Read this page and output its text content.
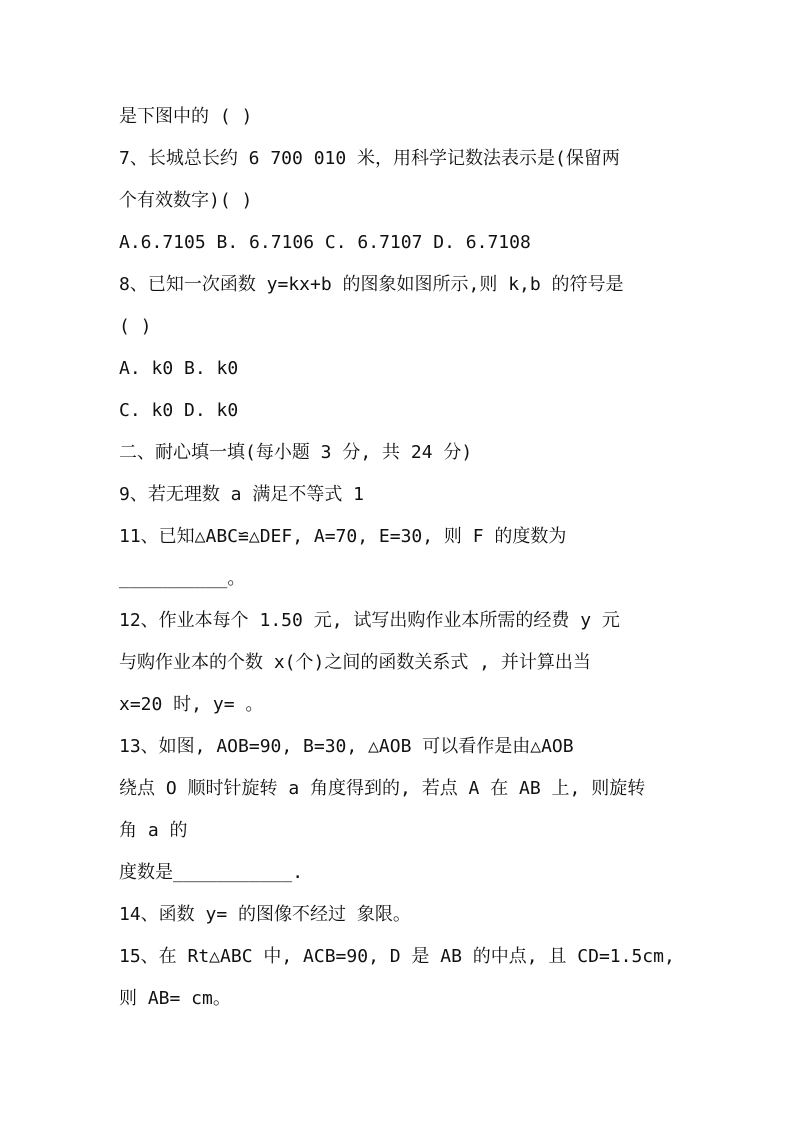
是下图中的 ( )

7、长城总长约 6 700 010 米，用科学记数法表示是(保留两

个有效数字)( )

A.6.7105 B. 6.7106 C. 6.7107 D. 6.7108

8、已知一次函数 y=kx+b 的图象如图所示,则 k,b 的符号是

( )

A. k0 B. k0

C. k0 D. k0

二、耐心填一填(每小题 3 分, 共 24 分)

9、若无理数 a 满足不等式 1

11、已知△ABC≌△DEF, A=70, E=30, 则 F 的度数为

__________。

12、作业本每个 1.50 元, 试写出购作业本所需的经费 y 元

与购作业本的个数 x(个)之间的函数关系式 , 并计算出当

x=20 时, y= 。

13、如图, AOB=90, B=30, △AOB 可以看作是由△AOB

绕点 O 顺时针旋转 a 角度得到的, 若点 A 在 AB 上, 则旋转

角 a 的

度数是___________.

14、函数 y= 的图像不经过 象限。

15、在 Rt△ABC 中, ACB=90, D 是 AB 的中点, 且 CD=1.5cm,

则 AB= cm。
